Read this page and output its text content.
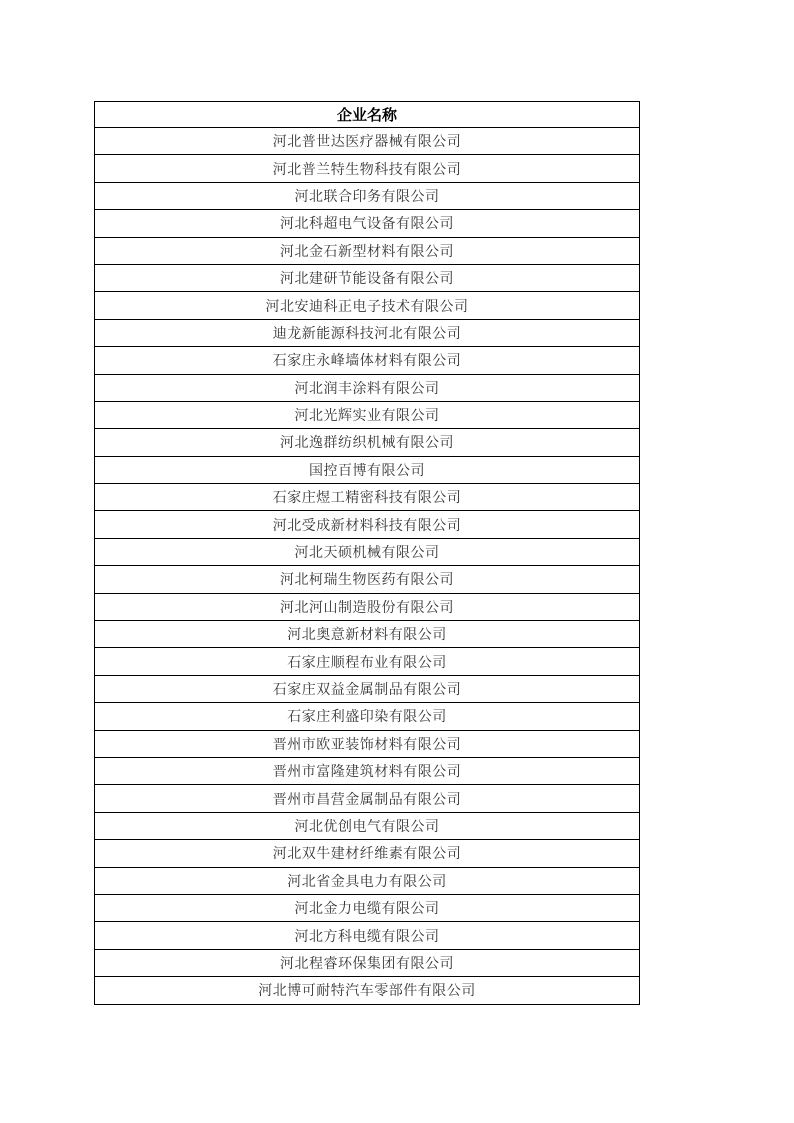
企业名称
河北普世达医疗器械有限公司
河北普兰特生物科技有限公司
河北联合印务有限公司
河北科超电气设备有限公司
河北金石新型材料有限公司
河北建研节能设备有限公司
河北安迪科正电子技术有限公司
迪龙新能源科技河北有限公司
石家庄永峰墙体材料有限公司
河北润丰涂料有限公司
河北光辉实业有限公司
河北逸群纺织机械有限公司
国控百博有限公司
石家庄煜工精密科技有限公司
河北受成新材料科技有限公司
河北天硕机械有限公司
河北柯瑞生物医药有限公司
河北河山制造股份有限公司
河北奥意新材料有限公司
石家庄顺程布业有限公司
石家庄双益金属制品有限公司
石家庄利盛印染有限公司
晋州市欧亚装饰材料有限公司
晋州市富隆建筑材料有限公司
晋州市昌营金属制品有限公司
河北优创电气有限公司
河北双牛建材纤维素有限公司
河北省金具电力有限公司
河北金力电缆有限公司
河北方科电缆有限公司
河北程睿环保集团有限公司
河北博可耐特汽车零部件有限公司
